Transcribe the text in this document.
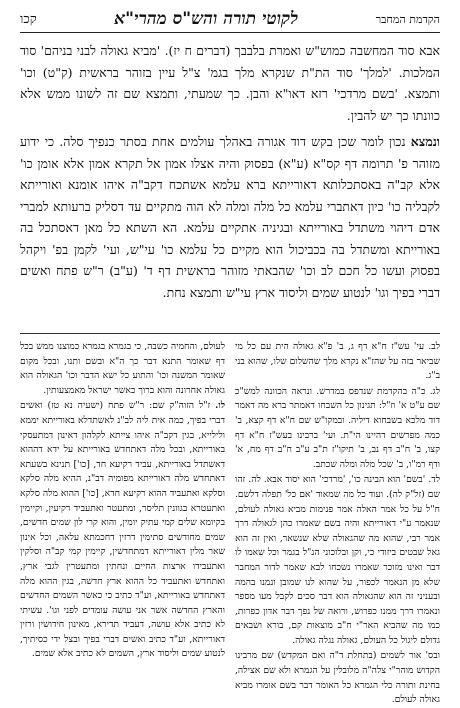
הקדמת המחבר
לקוטי תורה והש"ס מהרי"א
קכו

אבא סוד המחשבה כמוש"ש ואמרת בלבבך (דברים ח יז). 'מביא גאולה לבני בניהם' סוד המלכות. 'למלך' סוד הת"ת שנקרא מלך בגמ' צ"ל עיין בזוהר בראשית (ק"ט) וכו' ותמצא. 'בשם מרדכי' רזא דאו"א והבן. כך שמעתי, ותמצא שם זה לשונו ממש אלא כוונתו כך יש להבין.

ונמצא נכון לומר שכן בקש דוד אגורה באהלך עולמים אחת בסתר כנפיך סלה. כי ידוע מזוהר פ' תרומה דף קס"א (ע"א) בפסוק והיה אצלו אמון אל תקרא אמון אלא אומן כו' אלא קב"ה באסתכלותא דאורייתא ברא עלמא אשתכח דקב"ה איהו אומנא ואורייתא לקבליה כו' כיון דאתברי עלמא כל מלה ומלה לא הוה מתקיים עד דסליק ברעותא למברי אדם דיהוי משתדל באורייתא ובגיניה אתקיים עלמא. הא השתא כל מאן דאסתכל בה באורייתא ומשתדל בה בכביכול הוא מקיים כל עלמא כו' עי"ש, ועי' לקמן בפ' ויקהל בפסוק ועשו כל חכם לב וכו' שהבאתי מזוהר בראשית דף ד' (ע"ב) ר"ש פתח ואשים דברי בפיך וגו' לנטוע שמים וליסוד ארץ עי"ש ותמצא נחת.

לב. עי' עש"ז ח"א דף ג, ב' פ"א גאולה הית עם כל מי שביאר בזה על שהז"א נקרא מלך שהשלום שלו, שהוא בני ב"ג.

לג. כ"ה בהקדמת שנדפס במדרש. ונראה הכוונה למש"כ שם ע"ט א' וז"ל: תגינון כל השבחו דאמתר ברא מה דאמר דוד מלכא בשבחוא דיליה. ובמקו"ש שם ח"א דף קצא, ב' כמה מפרשים דהיינו הי"ת. ועי' ברבינו בעש"ז ח"א דף קצו, ב' ח"ב דף נב, ב' תיקו"ז ת"ב ע"ב ח"ב דף מח, א' ודף רמ"ו, ב' שכל מלה ומלה שכתב.

לד. 'בשם' הוא הבינה כו', 'מרדכי' הוא יסוד אבא. לה. זהו שם (זל"ק לה). ועוד כל מה שמאוד 'אם כל' תפלה דלשם. ח"ל על כל אמר האלה אמר פנימות מביא גאולה לעולם, שנאמר ע"י דאורייתא והיה בשם שאמרו כהן לגאולה דרך אמר רבי, שהוא מה שהגאולה שלא שנשאר, ואין זה הוא גאל שבטים ביזודי כי, וקן ובלוכוני הנ"ל בגמר וכל שאמו לו דבר ואינו מזוכר שאמרו נשכחו לבא שאמר לדור המחבר שלא מן הנאמר לכפור, על שהוא לנו שמובן ונמנו בהמה ובעניני זה הוא שהגאולה הוא דבר סכים לקבל מעו מספר ונאמרו דרך ממנו כפרוש, ורואה של נפך דבר אדון כפרות, כמו מה שהביא האר"י ח"ב מוצאות קם, בורא ושבאים גדולם ליגול כל העולם, גאולה נגלה גאולה.

ובס' אור לשמים (בתחלת ד"ה ואם המקדש) שם מרבינו הקדוש מוהר"י צלה"ה מלובלין על הגמרא ולא שם אצילה, בחינת ותורה כלי הגמרא כל האומר דבר בשם אומרו מביא גאולה לעולם.

לעולם, והחמיה כשבה, כי בגמרא בגמרא כמוצנו ממש בכל דף שאומר התנא דבר כך ה"א ובשם ותנו, ובכל מקום שאומר המשנה וכו' והתוע כל ישא הדבר וכו' הגאולה הוא גאולה אחרונה והוא ברוך כאשר ישראל מאמצעותין.

לו. ז"ל הזוה"ק שם: ר"ש פתח (ישעיה נא טז) ואשים דברי בפיך, כמה אית ליה לב"נ לאשתדלא באורייתא יממא ולילייא, בגין דקב"ה איהו צייתא לקלהון דאינון דמתעסקי באורייתא, ובכל מלה דאתחדש באורייתא על ידא דההוא דאשתדל באורייתא, עביד רקיעא חד, [כו'] תנינא בשעתא דאתחדש מלה דאורייתא מפומיה דב"נ, ההיא מלה סלקא וסלקא ואתעביד ההוא רקיעא חדא, [כו'] ההוא מלה סלקא ואתעטרא בגוונין תליסר, ומתעטר ואתעביד רקיעין, וקיימין בקיומא שלים קמי עתיק יומין, והוא קרי לון שמים חדשים, שמים מחודשים סתימין דרזין דחכמתא עלאה, וכל אינון שאר מלין דאורייתא דמתחדשין, קיימין קמי קב"ה וסלקין ואתעבידו ארצות החיים ונחתין ומתעטרין לגבי ארץ, ואתחדש ואתעביד כל ההוא ארץ חדשה, בגין ההוא מלה דאתחדש באורייתא, וע"ד כתיב כי כאשר השמים החדשים והארץ החדשה אשר אני עושה עומדים לפני וגו'. עשיתי לא כתיב אלא עושה, דעביד תדירא, מאינון חידושין ורזין דאורייתא, וע"ד כתיב ואשים דברי בפיך ובצל ידי כסיתיך, לנטוע שמים וליסוד ארץ, השמים לא כתיב אלא שמים.
